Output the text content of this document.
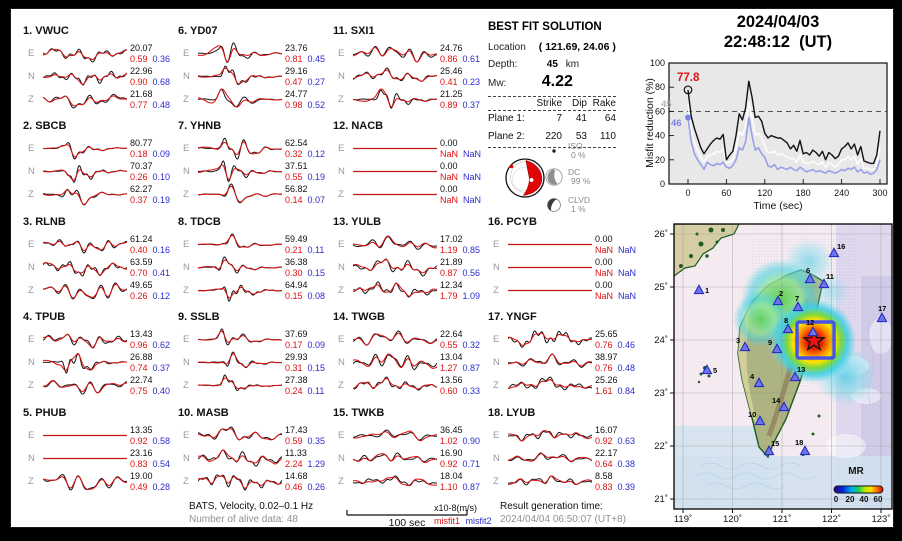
1. VWUC
E	20.07
0.59 0.36
N	22.96
0.90 0.68
Z	21.68
0.77 0.48
2. SBCB
E	80.77
0.18 0.09
N	70.37
0.26 0.10
Z	62.27
0.37 0.19
3. RLNB
E	61.24
0.40 0.16
N	63.59
0.70 0.41
Z	49.65
0.26 0.12
4. TPUB
E	13.43
0.96 0.62
N	26.88
0.74 0.37
Z	22.74
0.75 0.40
5. PHUB
E	13.35
0.92 0.58
N	23.16
0.83 0.54
Z	19.00
0.49 0.28
6. YD07
E	23.76
0.81 0.45
N	29.16
0.47 0.27
Z	24.77
0.98 0.52
7. YHNB
E	62.54
0.32 0.12
N	37.51
0.55 0.19
Z	56.82
0.14 0.07
8. TDCB
E	59.49
0.21 0.11
N	36.38
0.30 0.15
Z	64.94
0.15 0.08
9. SSLB
E	37.69
0.17 0.09
N	29.93
0.31 0.15
Z	27.38
0.24 0.11
10. MASB
E	17.43
0.59 0.35
N	11.33
2.24 1.29
Z	14.68
0.46 0.26
11. SXI1
E	24.76
0.86 0.61
N	25.46
0.41 0.23
Z	21.25
0.89 0.37
12. NACB
E	0.00
NaN NaN
N	0.00
NaN NaN
Z	0.00
NaN NaN
13. YULB
E	17.02
1.19 0.85
N	21.89
0.87 0.56
Z	12.34
1.79 1.09
14. TWGB
E	22.64
0.55 0.32
N	13.04
1.27 0.87
Z	13.56
0.60 0.33
15. TWKB
E	36.45
1.02 0.90
N	16.90
0.92 0.71
Z	18.04
1.10 0.87
16. PCYB
E	0.00
NaN NaN
N	0.00
NaN NaN
Z	0.00
NaN NaN
17. YNGF
E	25.65
0.76 0.46
N	38.97
0.76 0.48
Z	25.26
1.61 0.84
18. LYUB
E	16.07
0.92 0.63
N	22.17
0.64 0.38
Z	8.58
0.83 0.39
BEST FIT SOLUTION
Location ( 121.69, 24.06 )
Depth:	45 km
Mw: 4.22
Strike Dip Rake
Plane 1:	7	41	64
Plane 2:	220	53	110
ISO
0 %
DC
99 %
CLVD
1 %
2024/04/03
22:48:12  (UT)
0
20
40
60
80
100
0	60	120	180	240	300
Misfit reduction (%)
Time (sec)
77.8
45
46
1	2
3
4
5
6
7
8
9
10
11
12
13
14
15
16
17
18
MR
0 20 40 60
119˚	120˚	121˚	122˚	123˚
21˚
22˚
23˚
24˚
25˚
26˚
BATS, Velocity, 0.02–0.1 Hz
Number of alive data: 48	100 sec
x10-8(m/s)
misfit1 misfit2
Result generation time:
2024/04/04 06:50:07 (UT+8)
